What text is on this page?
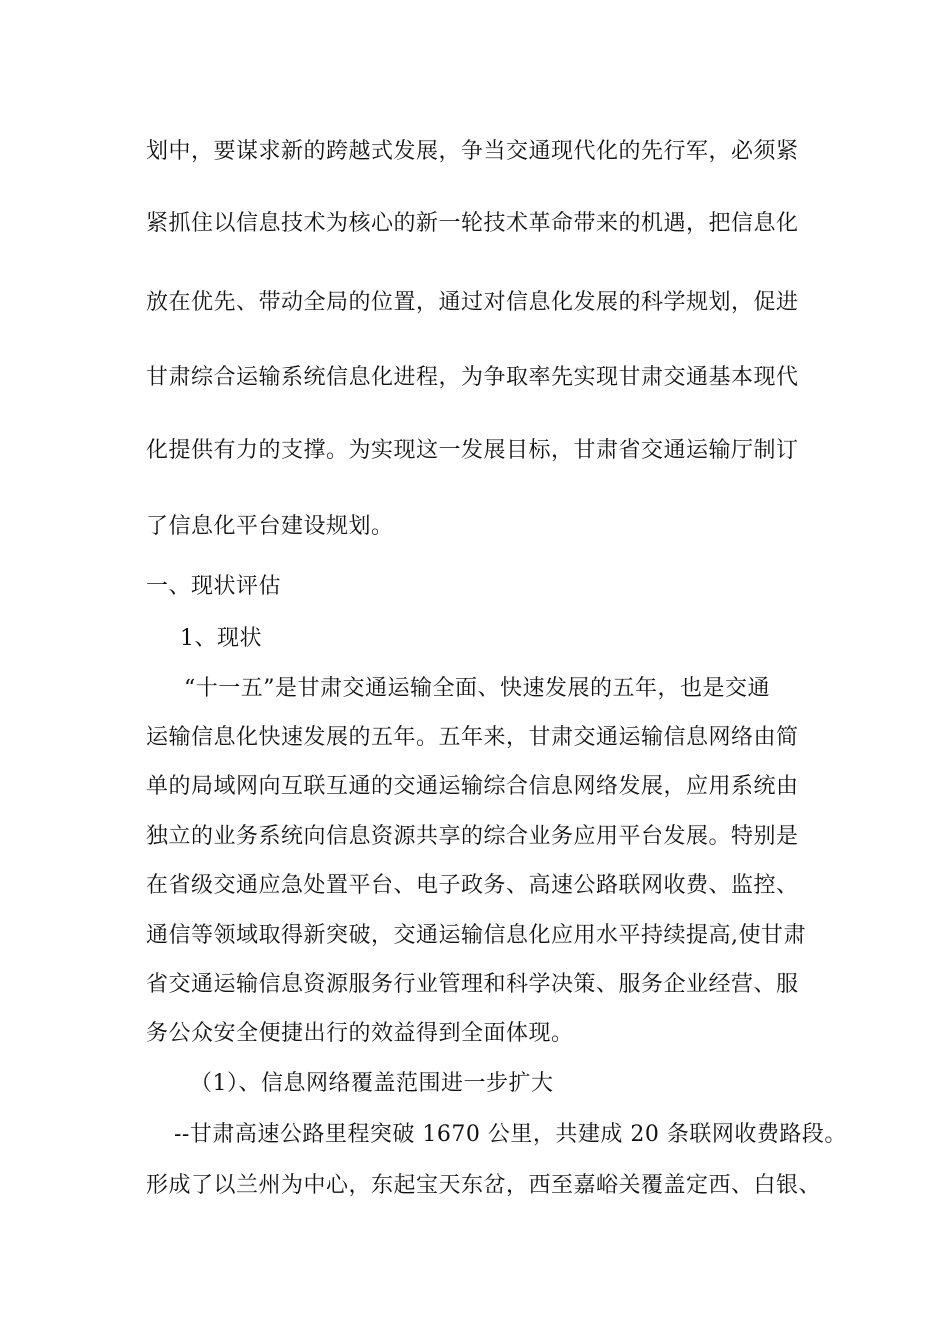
划中，要谋求新的跨越式发展，争当交通现代化的先行军，必须紧
紧抓住以信息技术为核心的新一轮技术革命带来的机遇，把信息化
放在优先、带动全局的位置，通过对信息化发展的科学规划，促进
甘肃综合运输系统信息化进程，为争取率先实现甘肃交通基本现代
化提供有力的支撑。为实现这一发展目标，甘肃省交通运输厅制订
了信息化平台建设规划。
一、现状评估
1、现状
“十一五”是甘肃交通运输全面、快速发展的五年，也是交通
运输信息化快速发展的五年。五年来，甘肃交通运输信息网络由简
单的局域网向互联互通的交通运输综合信息网络发展，应用系统由
独立的业务系统向信息资源共享的综合业务应用平台发展。特别是
在省级交通应急处置平台、电子政务、高速公路联网收费、监控、
通信等领域取得新突破，交通运输信息化应用水平持续提高,使甘肃
省交通运输信息资源服务行业管理和科学决策、服务企业经营、服
务公众安全便捷出行的效益得到全面体现。
（1）、信息网络覆盖范围进一步扩大
--甘肃高速公路里程突破 1670 公里，共建成 20 条联网收费路段。
形成了以兰州为中心，东起宝天东岔，西至嘉峪关覆盖定西、白银、
